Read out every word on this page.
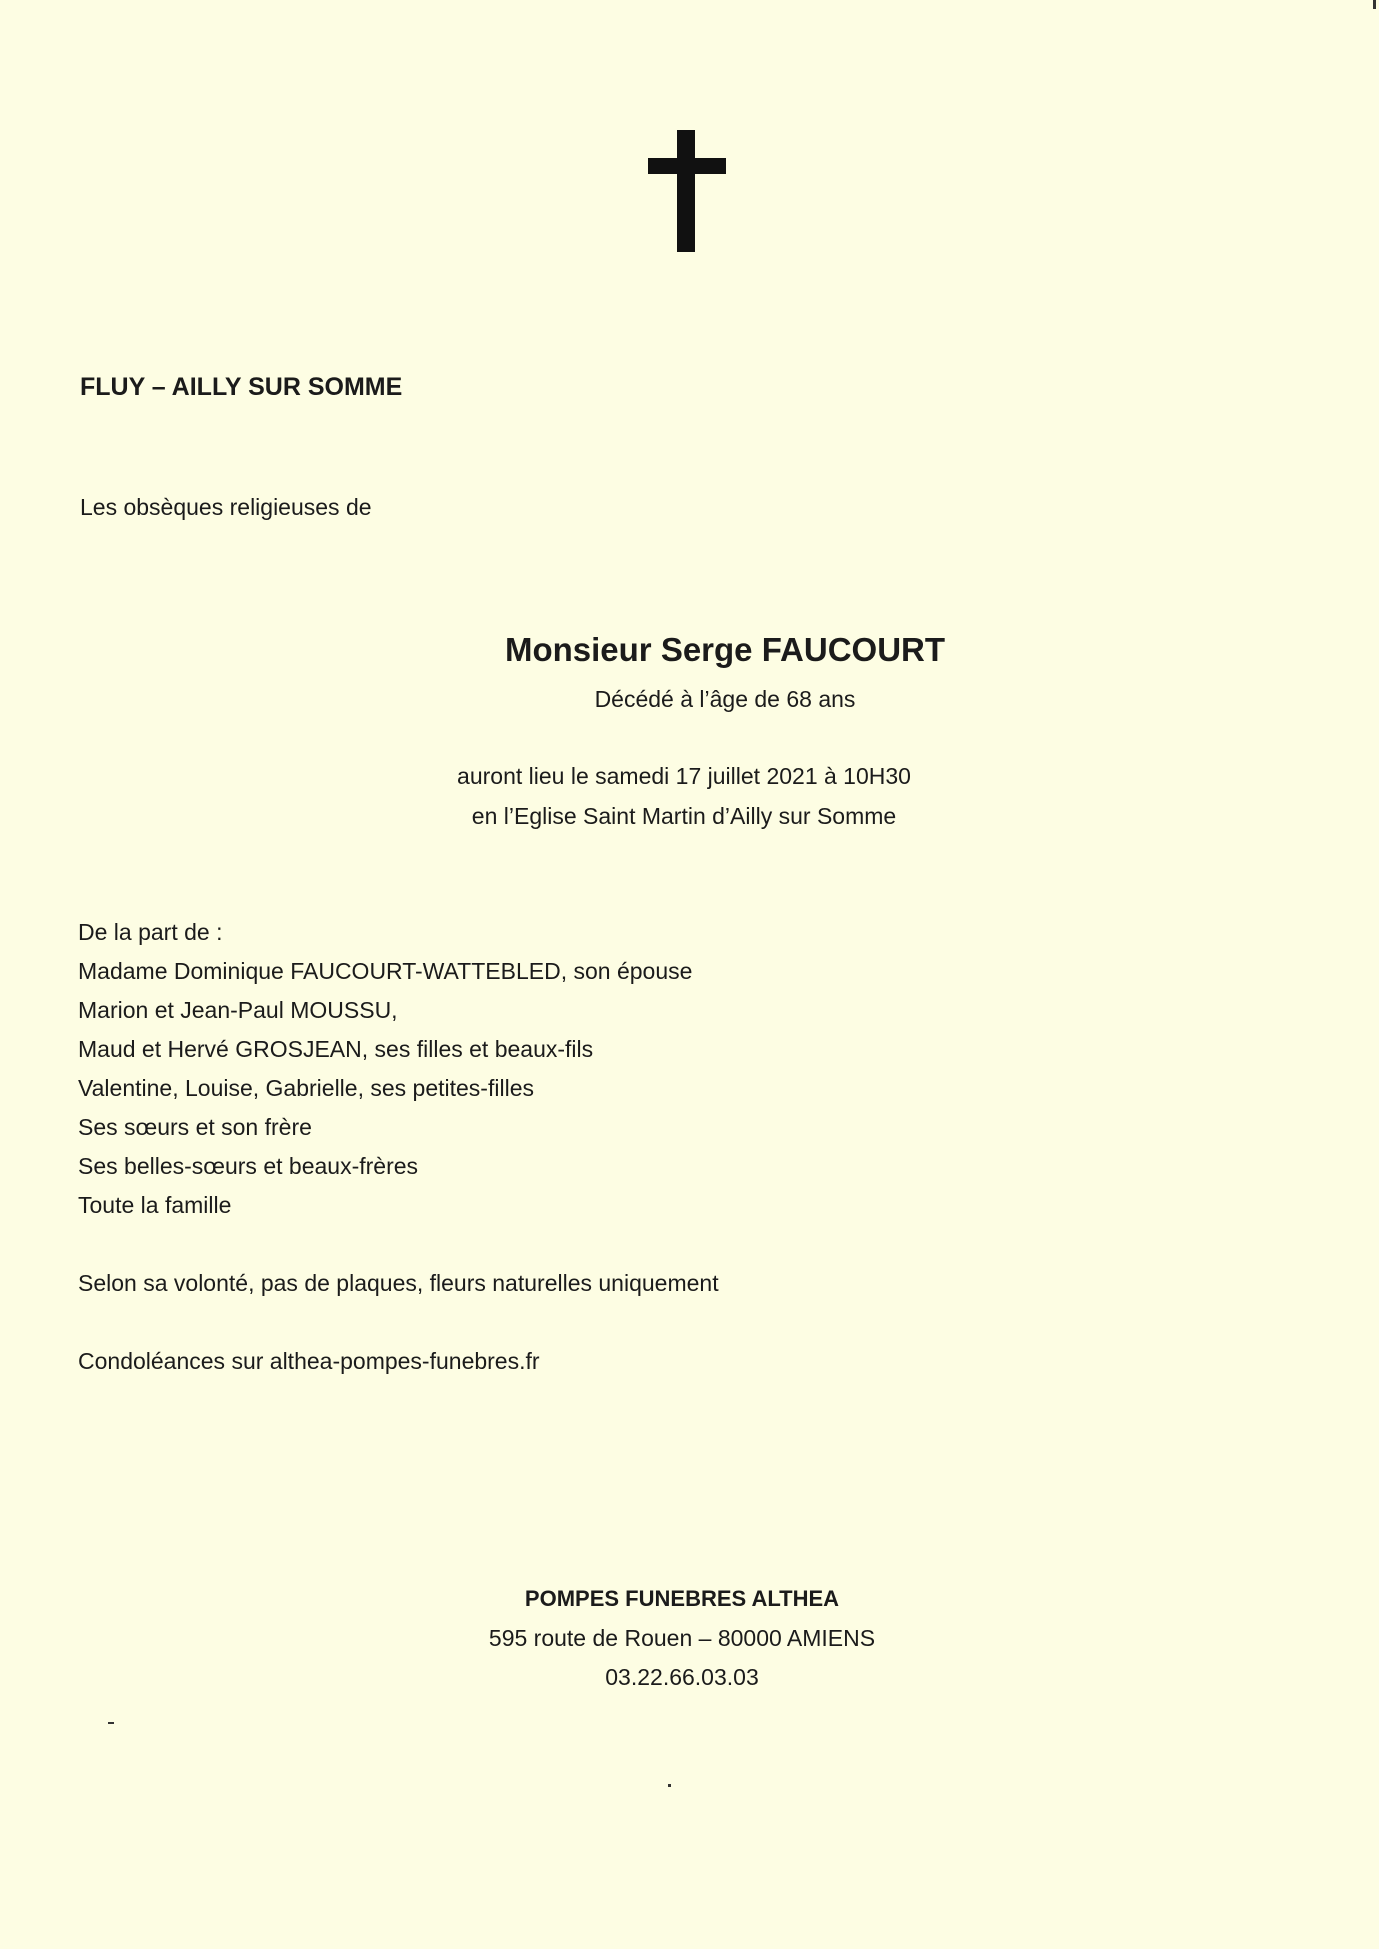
FLUY – AILLY SUR SOMME
Les obsèques religieuses de
Monsieur Serge FAUCOURT
Décédé à l’âge de 68 ans
auront lieu le samedi 17 juillet 2021 à 10H30
en l’Eglise Saint Martin d’Ailly sur Somme
De la part de :
Madame Dominique FAUCOURT-WATTEBLED, son épouse
Marion et Jean-Paul MOUSSU,
Maud et Hervé GROSJEAN, ses filles et beaux-fils
Valentine, Louise, Gabrielle, ses petites-filles
Ses sœurs et son frère
Ses belles-sœurs et beaux-frères
Toute la famille
Selon sa volonté, pas de plaques, fleurs naturelles uniquement
Condoléances sur althea-pompes-funebres.fr
POMPES FUNEBRES ALTHEA
595 route de Rouen – 80000 AMIENS
03.22.66.03.03
